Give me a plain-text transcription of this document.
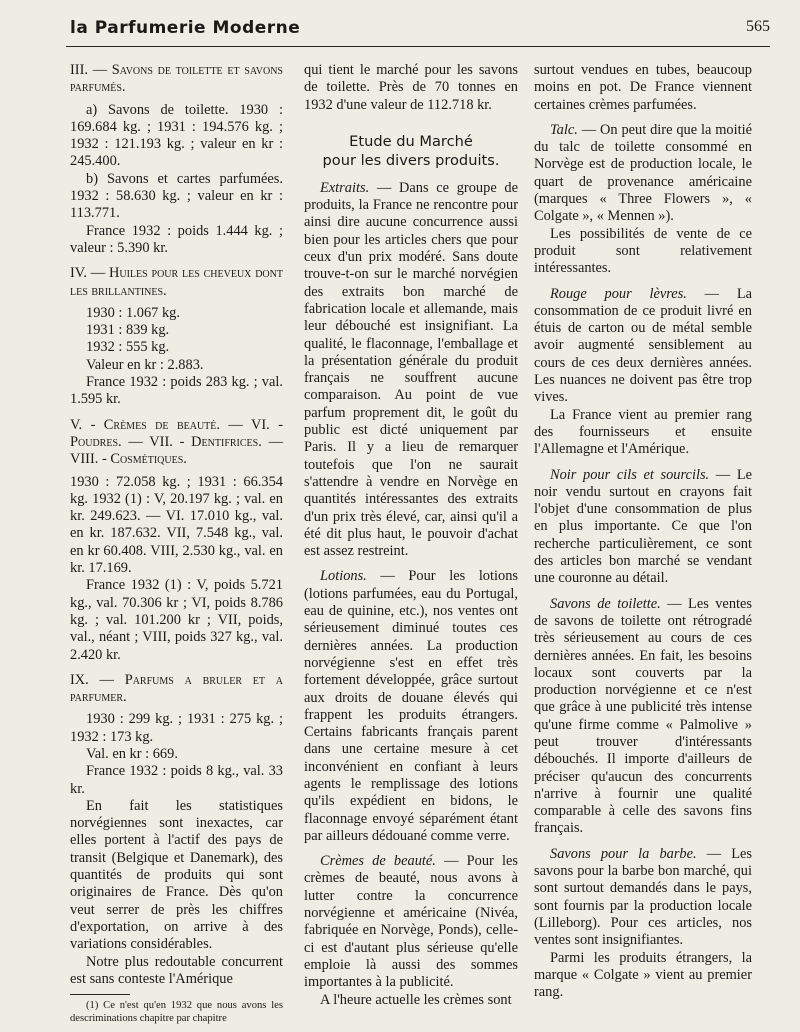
la Parfumerie Moderne	565

III. — Savons de toilette et savons parfumés.

a) Savons de toilette. 1930 : 169.684 kg. ; 1931 : 194.576 kg. ; 1932 : 121.193 kg. ; valeur en kr : 245.400.

b) Savons et cartes parfumées. 1932 : 58.630 kg. ; valeur en kr : 113.771.

France 1932 : poids 1.444 kg. ; valeur : 5.390 kr.

IV. — Huiles pour les cheveux dont les brillantines.

1930 : 1.067 kg.

1931 : 839 kg.

1932 : 555 kg.

Valeur en kr : 2.883.

France 1932 : poids 283 kg. ; val. 1.595 kr.

V. - Crèmes de beauté. — VI. - Poudres. — VII. - Dentifrices. — VIII. - Cosmétiques.

1930 : 72.058 kg. ; 1931 : 66.354 kg. 1932 (1) : V, 20.197 kg. ; val. en kr. 249.623. — VI. 17.010 kg., val. en kr. 187.632. VII, 7.548 kg., val. en kr 60.408. VIII, 2.530 kg., val. en kr. 17.169.

France 1932 (1) : V, poids 5.721 kg., val. 70.306 kr ; VI, poids 8.786 kg. ; val. 101.200 kr ; VII, poids, val., néant ; VIII, poids 327 kg., val. 2.420 kr.

IX. — Parfums a bruler et a parfumer.

1930 : 299 kg. ; 1931 : 275 kg. ; 1932 : 173 kg.

Val. en kr : 669.

France 1932 : poids 8 kg., val. 33 kr.

En fait les statistiques norvégiennes sont inexactes, car elles portent à l'actif des pays de transit (Belgique et Danemark), des quantités de produits qui sont originaires de France. Dès qu'on veut serrer de près les chiffres d'exportation, on arrive à des variations considérables.

Notre plus redoutable concurrent est sans conteste l'Amérique

(1) Ce n'est qu'en 1932 que nous avons les descriminations chapitre par chapitre

qui tient le marché pour les savons de toilette. Près de 70 tonnes en 1932 d'une valeur de 112.718 kr.

Etude du Marché
pour les divers produits.

Extraits. — Dans ce groupe de produits, la France ne rencontre pour ainsi dire aucune concurrence aussi bien pour les articles chers que pour ceux d'un prix modéré. Sans doute trouve-t-on sur le marché norvégien des extraits bon marché de fabrication locale et allemande, mais leur débouché est insignifiant. La qualité, le flaconnage, l'emballage et la présentation générale du produit français ne souffrent aucune comparaison. Au point de vue parfum proprement dit, le goût du public est dicté uniquement par Paris. Il y a lieu de remarquer toutefois que l'on ne saurait s'attendre à vendre en Norvège en quantités intéressantes des extraits d'un prix très élevé, car, ainsi qu'il a été dit plus haut, le pouvoir d'achat est assez restreint.

Lotions. — Pour les lotions (lotions parfumées, eau du Portugal, eau de quinine, etc.), nos ventes ont sérieusement diminué toutes ces dernières années. La production norvégienne s'est en effet très fortement développée, grâce surtout aux droits de douane élevés qui frappent les produits étrangers. Certains fabricants français parent dans une certaine mesure à cet inconvénient en confiant à leurs agents le remplissage des lotions qu'ils expédient en bidons, le flaconnage envoyé séparément étant par ailleurs dédouané comme verre.

Crèmes de beauté. — Pour les crèmes de beauté, nous avons à lutter contre la concurrence norvégienne et américaine (Nivéa, fabriquée en Norvège, Ponds), celle-ci est d'autant plus sérieuse qu'elle emploie là aussi des sommes importantes à la publicité.

A l'heure actuelle les crèmes sont

surtout vendues en tubes, beaucoup moins en pot. De France viennent certaines crèmes parfumées.

Talc. — On peut dire que la moitié du talc de toilette consommé en Norvège est de production locale, le quart de provenance américaine (marques « Three Flowers », « Colgate », « Mennen »).

Les possibilités de vente de ce produit sont relativement intéressantes.

Rouge pour lèvres. — La consommation de ce produit livré en étuis de carton ou de métal semble avoir augmenté sensiblement au cours de ces deux dernières années. Les nuances ne doivent pas être trop vives.

La France vient au premier rang des fournisseurs et ensuite l'Allemagne et l'Amérique.

Noir pour cils et sourcils. — Le noir vendu surtout en crayons fait l'objet d'une consommation de plus en plus importante. Ce que l'on recherche particulièrement, ce sont des articles bon marché se vendant une couronne au détail.

Savons de toilette. — Les ventes de savons de toilette ont rétrogradé très sérieusement au cours de ces dernières années. En fait, les besoins locaux sont couverts par la production norvégienne et ce n'est que grâce à une publicité très intense qu'une firme comme « Palmolive » peut trouver d'intéressants débouchés. Il importe d'ailleurs de préciser qu'aucun des concurrents n'arrive à fournir une qualité comparable à celle des savons fins français.

Savons pour la barbe. — Les savons pour la barbe bon marché, qui sont surtout demandés dans le pays, sont fournis par la production locale (Lilleborg). Pour ces articles, nos ventes sont insignifiantes.

Parmi les produits étrangers, la marque « Colgate » vient au premier rang.
